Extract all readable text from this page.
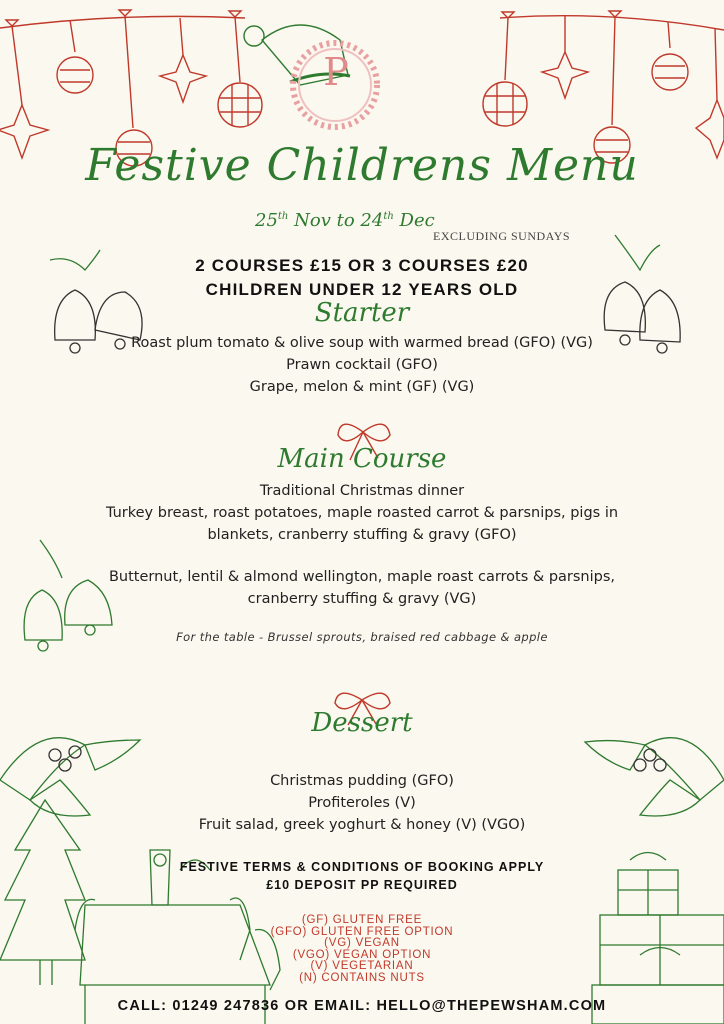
P
Festive Childrens Menu
25th Nov to 24th Dec
EXCLUDING SUNDAYS
2 COURSES £15 OR 3 COURSES £20
CHILDREN UNDER 12 YEARS OLD
Starter
Roast plum tomato & olive soup with warmed bread (GFO) (VG)
Prawn cocktail (GFO)
Grape, melon & mint (GF) (VG)
Main Course
Traditional Christmas dinner
Turkey breast, roast potatoes, maple roasted carrot & parsnips, pigs in
blankets, cranberry stuffing & gravy (GFO)
Butternut, lentil & almond wellington, maple roast carrots & parsnips,
cranberry stuffing & gravy (VG)
For the table - Brussel sprouts, braised red cabbage & apple
Dessert
Christmas pudding (GFO)
Profiteroles (V)
Fruit salad, greek yoghurt & honey (V) (VGO)
FESTIVE TERMS & CONDITIONS OF BOOKING APPLY
£10 DEPOSIT PP REQUIRED
(GF) GLUTEN FREE
(GFO) GLUTEN FREE OPTION
(VG) VEGAN
(VGO) VEGAN OPTION
(V) VEGETARIAN
(N) CONTAINS NUTS
CALL: 01249 247836 OR EMAIL: HELLO@THEPEWSHAM.COM
